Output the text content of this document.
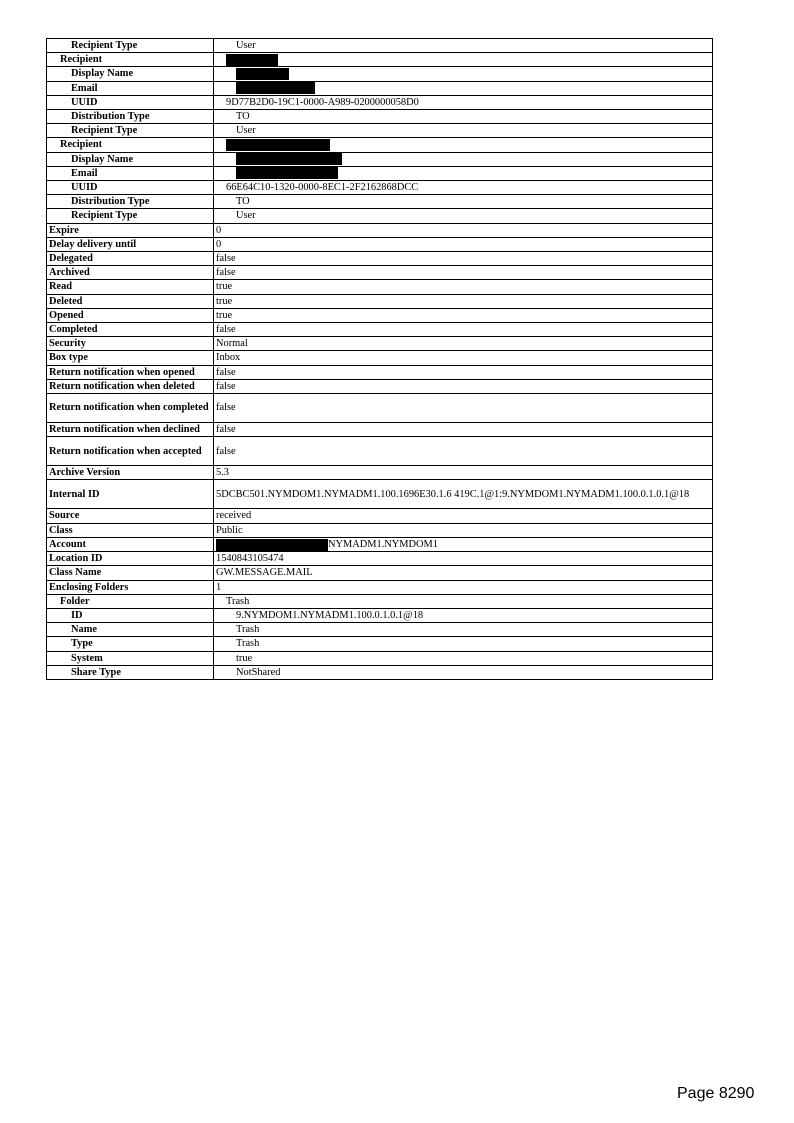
Recipient Type	User
Recipient	
Display Name	
Email	
UUID	9D77B2D0-19C1-0000-A989-0200000058D0
Distribution Type	TO
Recipient Type	User
Recipient	
Display Name	
Email	
UUID	66E64C10-1320-0000-8EC1-2F2162868DCC
Distribution Type	TO
Recipient Type	User
Expire	0
Delay delivery until	0
Delegated	false
Archived	false
Read	true
Deleted	true
Opened	true
Completed	false
Security	Normal
Box type	Inbox
Return notification when opened	false
Return notification when deleted	false
Return notification when completed	false
Return notification when declined	false
Return notification when accepted	false
Archive Version	5.3
Internal ID	5DCBC501.NYMDOM1.NYMADM1.100.1696E30.1.6 419C.1@1:9.NYMDOM1.NYMADM1.100.0.1.0.1@18
Source	received
Class	Public
Account	NYMADM1.NYMDOM1
Location ID	1540843105474
Class Name	GW.MESSAGE.MAIL
Enclosing Folders	1
Folder	Trash
ID	9.NYMDOM1.NYMADM1.100.0.1.0.1@18
Name	Trash
Type	Trash
System	true
Share Type	NotShared
Page 8290
